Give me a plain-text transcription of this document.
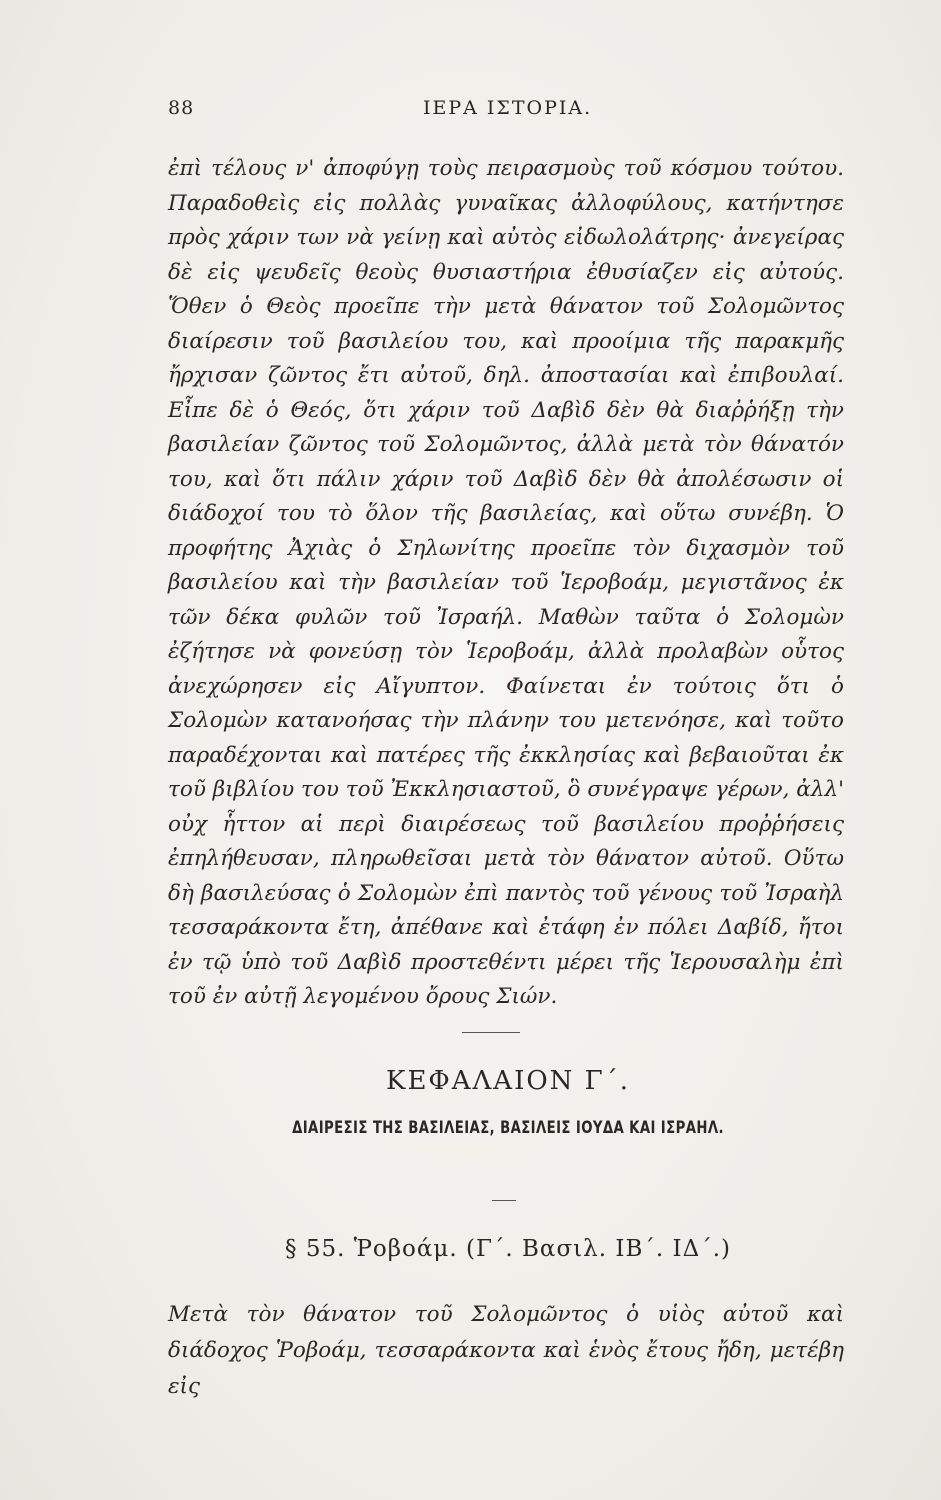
88	ΙΕΡΑ ΙΣΤΟΡΙΑ.

ἐπὶ τέλους ν' ἀποφύγῃ τοὺς πειρασμοὺς τοῦ κόσμου τούτου. Παραδοθεὶς εἰς πολλὰς γυναῖκας ἀλλοφύλους, κατήντησε πρὸς χάριν των νὰ γείνῃ καὶ αὐτὸς εἰδωλολάτρης· ἀνεγείρας δὲ εἰς ψευδεῖς θεοὺς θυσιαστήρια ἐθυσίαζεν εἰς αὐτούς. Ὅθεν ὁ Θεὸς προεῖπε τὴν μετὰ θάνατον τοῦ Σολομῶντος διαίρεσιν τοῦ βασιλείου του, καὶ προοίμια τῆς παρακμῆς ἤρχισαν ζῶντος ἔτι αὐτοῦ, δηλ. ἀποστασίαι καὶ ἐπιβουλαί. Εἶπε δὲ ὁ Θεός, ὅτι χάριν τοῦ Δαβὶδ δὲν θὰ διαῤῥήξῃ τὴν βασιλείαν ζῶντος τοῦ Σολομῶντος, ἀλλὰ μετὰ τὸν θάνατόν του, καὶ ὅτι πάλιν χάριν τοῦ Δαβὶδ δὲν θὰ ἀπολέσωσιν οἱ διάδοχοί του τὸ ὅλον τῆς βασιλείας, καὶ οὕτω συνέβη. Ὁ προφήτης Ἀχιὰς ὁ Σηλωνίτης προεῖπε τὸν διχασμὸν τοῦ βασιλείου καὶ τὴν βασιλείαν τοῦ Ἱεροβοάμ, μεγιστᾶνος ἐκ τῶν δέκα φυλῶν τοῦ Ἰσραήλ. Μαθὼν ταῦτα ὁ Σολομὼν ἐζήτησε νὰ φονεύσῃ τὸν Ἱεροβοάμ, ἀλλὰ προλαβὼν οὗτος ἀνεχώρησεν εἰς Αἴγυπτον. Φαίνεται ἐν τούτοις ὅτι ὁ Σολομὼν κατανοήσας τὴν πλάνην του μετενόησε, καὶ τοῦτο παραδέχονται καὶ πατέρες τῆς ἐκκλησίας καὶ βεβαιοῦται ἐκ τοῦ βιβλίου του τοῦ Ἐκκλησιαστοῦ, ὃ συνέγραψε γέρων, ἀλλ' οὐχ ἧττον αἱ περὶ διαιρέσεως τοῦ βασιλείου προῤῥήσεις ἐπηλήθευσαν, πληρωθεῖσαι μετὰ τὸν θάνατον αὐτοῦ. Οὕτω δὴ βασιλεύσας ὁ Σολομὼν ἐπὶ παντὸς τοῦ γένους τοῦ Ἰσραὴλ τεσσαράκοντα ἔτη, ἀπέθανε καὶ ἐτάφη ἐν πόλει Δαβίδ, ἤτοι ἐν τῷ ὑπὸ τοῦ Δαβὶδ προστεθέντι μέρει τῆς Ἱερουσαλὴμ ἐπὶ τοῦ ἐν αὐτῇ λεγομένου ὄρους Σιών.

ΚΕΦΑΛΑΙΟΝ Γ΄.
ΔΙΑΙΡΕΣΙΣ ΤΗΣ ΒΑΣΙΛΕΙΑΣ, ΒΑΣΙΛΕΙΣ ΙΟΥΔΑ ΚΑΙ ΙΣΡΑΗΛ.
§ 55. Ῥοβοάμ. (Γ΄. Βασιλ. ΙΒ΄. ΙΔ΄.)

Μετὰ τὸν θάνατον τοῦ Σολομῶντος ὁ υἱὸς αὐτοῦ καὶ διάδοχος Ῥοβοάμ, τεσσαράκοντα καὶ ἑνὸς ἔτους ἤδη, μετέβη εἰς
